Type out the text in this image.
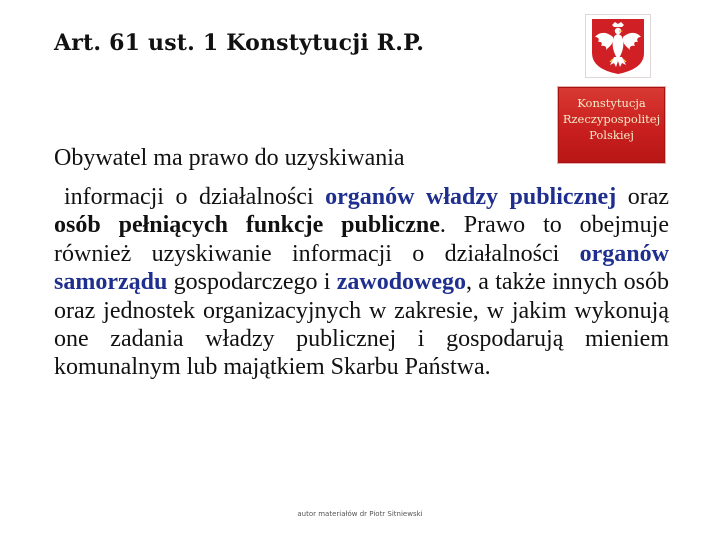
Art. 61 ust. 1 Konstytucji R.P.
Konstytucja
Rzeczypospolitej
Polskiej
Obywatel ma prawo do uzyskiwania
informacji o działalności organów władzy publicznej oraz osób pełniących funkcje publiczne. Prawo to obejmuje również uzyskiwanie informacji o działalności organów samorządu gospodarczego i zawodowego, a także innych osób oraz jednostek organizacyjnych w zakresie, w jakim wykonują one zadania władzy publicznej i gospodarują mieniem komunalnym lub majątkiem Skarbu Państwa.
autor materiałów dr Piotr Sitniewski
